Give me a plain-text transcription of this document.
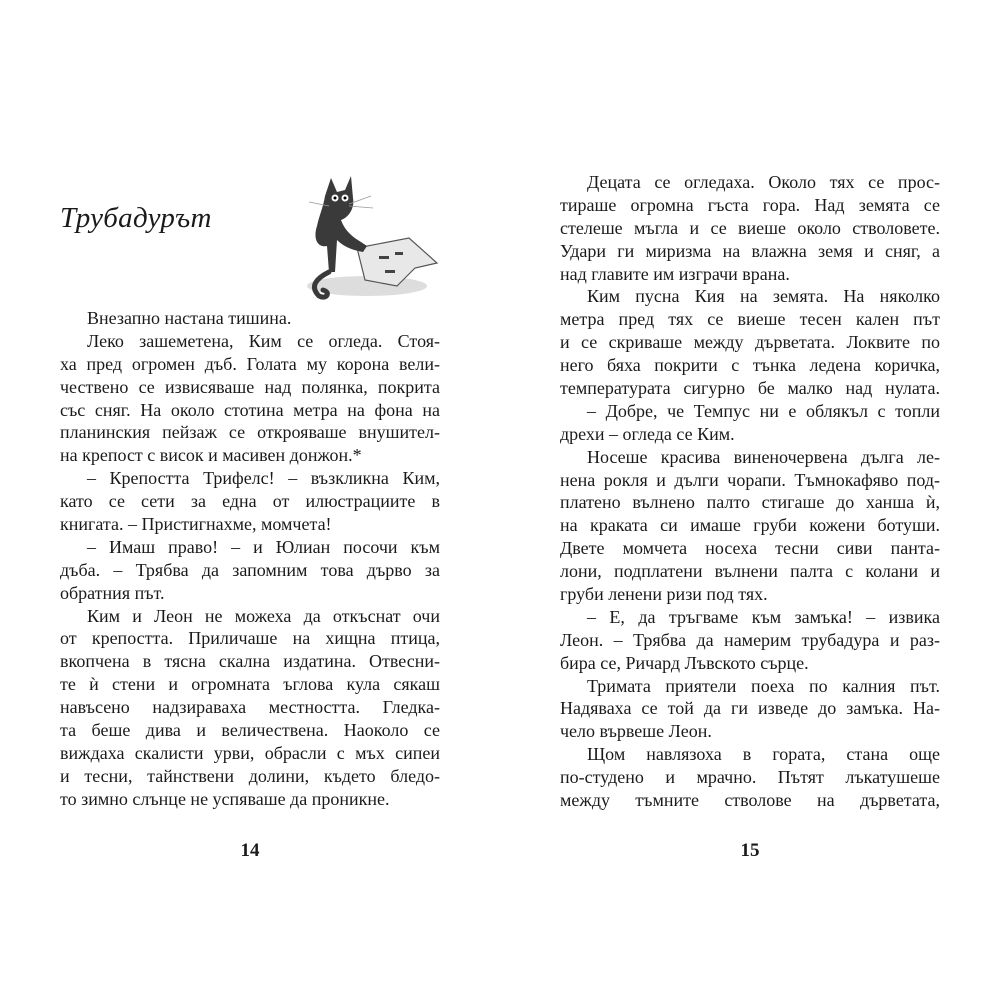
Трубадурът
Внезапно настана тишина.
Леко зашеметена, Ким се огледа. Стоя-
ха пред огромен дъб. Голата му корона вели-
чествено се извисяваше над полянка, покрита
със сняг. На около стотина метра на фона на
планинския пейзаж се открояваше внушител-
на крепост с висок и масивен донжон.*
– Крепостта Трифелс! – възкликна Ким,
като се сети за една от илюстрациите в
книгата. – Пристигнахме, момчета!
– Имаш право! – и Юлиан посочи към
дъба. – Трябва да запомним това дърво за
обратния път.
Ким и Леон не можеха да откъснат очи
от крепостта. Приличаше на хищна птица,
вкопчена в тясна скална издатина. Отвесни-
те ѝ стени и огромната ъглова кула сякаш
навъсено надзираваха местността. Гледка-
та беше дива и величествена. Наоколо се
виждаха скалисти урви, обрасли с мъх сипеи
и тесни, тайнствени долини, където бледо-
то зимно слънце не успяваше да проникне.
14
Децата се огледаха. Около тях се прос-
тираше огромна гъста гора. Над земята се
стелеше мъгла и се виеше около стволовете.
Удари ги миризма на влажна земя и сняг, а
над главите им изграчи врана.
Ким пусна Кия на земята. На няколко
метра пред тях се виеше тесен кален път
и се скриваше между дърветата. Локвите по
него бяха покрити с тънка ледена коричка,
температурата сигурно бе малко над нулата.
– Добре, че Темпус ни е облякъл с топли
дрехи – огледа се Ким.
Носеше красива виненочервена дълга ле-
нена рокля и дълги чорапи. Тъмнокафяво под-
платено вълнено палто стигаше до ханша ѝ,
на краката си имаше груби кожени ботуши.
Двете момчета носеха тесни сиви панта-
лони, подплатени вълнени палта с колани и
груби ленени ризи под тях.
– Е, да тръгваме към замъка! – извика
Леон. – Трябва да намерим трубадура и раз-
бира се, Ричард Лъвското сърце.
Тримата приятели поеха по калния път.
Надяваха се той да ги изведе до замъка. На-
чело вървеше Леон.
Щом навлязоха в гората, стана още
по-студено и мрачно. Пътят лъкатушеше
между тъмните стволове на дърветата,
15
